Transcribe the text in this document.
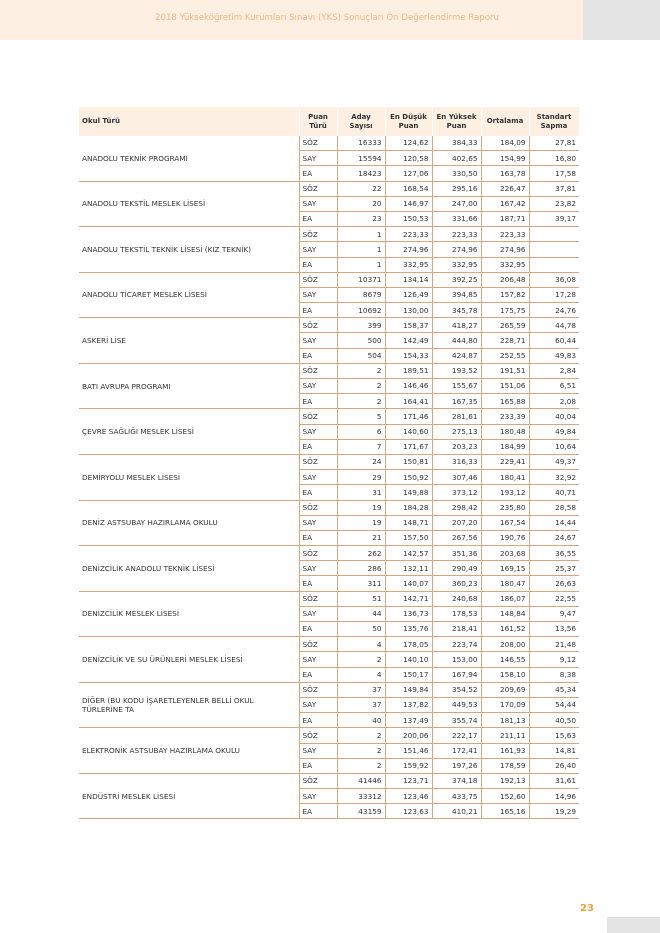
2018 Yükseköğretim Kurumları Sınavı (YKS) Sonuçları Ön Değerlendirme Raporu
Okul Türü	Puan Türü	Aday Sayısı	En Düşük Puan	En Yüksek Puan	Ortalama	Standart Sapma
ANADOLU TEKNİK PROGRAMI	SÖZ	16333	124,62	384,33	184,09	27,81
	SAY	15594	120,58	402,65	154,99	16,80
	EA	18423	127,06	330,50	163,78	17,58
ANADOLU TEKSTİL MESLEK LİSESİ	SÖZ	22	168,54	295,16	226,47	37,81
	SAY	20	146,97	247,00	167,42	23,82
	EA	23	150,53	331,66	187,71	39,17
ANADOLU TEKSTİL TEKNİK LİSESİ (KIZ TEKNİK)	SÖZ	1	223,33	223,33	223,33	
	SAY	1	274,96	274,96	274,96	
	EA	1	332,95	332,95	332,95	
ANADOLU TİCARET MESLEK LİSESİ	SÖZ	10371	134,14	392,25	206,48	36,08
	SAY	8679	126,49	394,85	157,82	17,28
	EA	10692	130,00	345,78	175,75	24,76
ASKERİ LİSE	SÖZ	399	158,37	418,27	265,59	44,78
	SAY	500	142,49	444,80	228,71	60,44
	EA	504	154,33	424,87	252,55	49,83
BATI AVRUPA PROGRAMI	SÖZ	2	189,51	193,52	191,51	2,84
	SAY	2	146,46	155,67	151,06	6,51
	EA	2	164,41	167,35	165,88	2,08
ÇEVRE SAĞLIĞI MESLEK LİSESİ	SÖZ	5	171,46	281,61	233,39	40,04
	SAY	6	140,60	275,13	180,48	49,84
	EA	7	171,67	203,23	184,99	10,64
DEMİRYOLU MESLEK LİSESİ	SÖZ	24	150,81	316,33	229,41	49,37
	SAY	29	150,92	307,46	180,41	32,92
	EA	31	149,88	373,12	193,12	40,71
DENİZ ASTSUBAY HAZIRLAMA OKULU	SÖZ	19	184,28	298,42	235,80	28,58
	SAY	19	148,71	207,20	167,54	14,44
	EA	21	157,50	267,56	190,76	24,67
DENİZCİLİK ANADOLU TEKNİK LİSESİ	SÖZ	262	142,57	351,36	203,68	36,55
	SAY	286	132,11	290,49	169,15	25,37
	EA	311	140,07	360,23	180,47	26,63
DENİZCİLİK MESLEK LİSESİ	SÖZ	51	142,71	240,68	186,07	22,55
	SAY	44	136,73	178,53	148,84	9,47
	EA	50	135,76	218,41	161,52	13,56
DENİZCİLİK VE SU ÜRÜNLERİ MESLEK LİSESİ	SÖZ	4	178,05	223,74	208,00	21,48
	SAY	2	140,10	153,00	146,55	9,12
	EA	4	150,17	167,94	158,10	8,38
DİĞER (BU KODU İŞARETLEYENLER BELLİ OKUL TÜRLERİNE TA	SÖZ	37	149,84	354,52	209,69	45,34
	SAY	37	137,82	449,53	170,09	54,44
	EA	40	137,49	355,74	181,13	40,50
ELEKTRONİK ASTSUBAY HAZIRLAMA OKULU	SÖZ	2	200,06	222,17	211,11	15,63
	SAY	2	151,46	172,41	161,93	14,81
	EA	2	159,92	197,26	178,59	26,40
ENDÜSTRİ MESLEK LİSESİ	SÖZ	41446	123,71	374,18	192,13	31,61
	SAY	33312	123,46	433,75	152,60	14,96
	EA	43159	123,63	410,21	165,16	19,29
23
